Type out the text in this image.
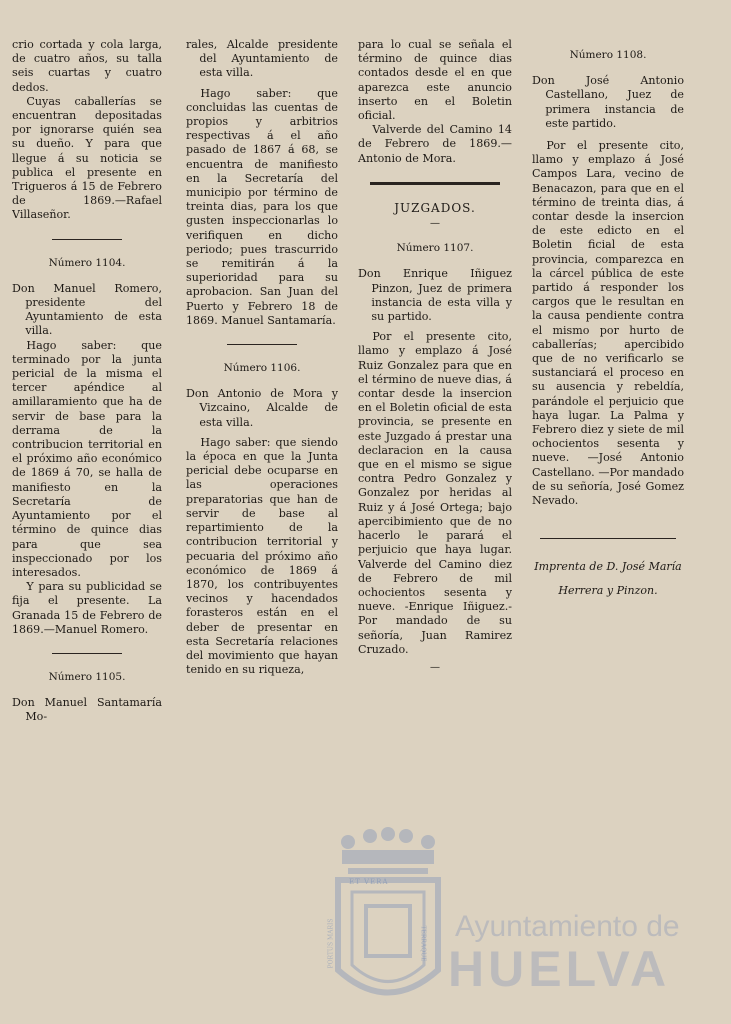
crio cortada y cola larga, de cuatro años, su talla seis cuartas y cuatro dedos.

Cuyas caballerías se encuentran depositadas por ignorarse quién sea su dueño. Y para que llegue á su noticia se publica el presente en Trigueros á 15 de Febrero de 1869.—Rafael Villaseñor.

Número 1104.

Don Manuel Romero, presidente del Ayuntamiento de esta villa.

Hago saber: que terminado por la junta pericial de la misma el tercer apéndice al amillaramiento que ha de servir de base para la derrama de la contribucion territorial en el próximo año económico de 1869 á 70, se halla de manifiesto en la Secretaría de Ayuntamiento por el término de quince dias para que sea inspeccionado por los interesados.

Y para su publicidad se fija el presente. La Granada 15 de Febrero de 1869.—Manuel Romero.

Número 1105.

Don Manuel Santamaría Mo-

rales, Alcalde presidente del Ayuntamiento de esta villa.

Hago saber: que concluidas las cuentas de propios y arbitrios respectivas á el año pasado de 1867 á 68, se encuentra de manifiesto en la Secretaría del municipio por término de treinta dias, para los que gusten inspeccionarlas lo verifiquen en dicho periodo; pues trascurrido se remitirán á la superioridad para su aprobacion. San Juan del Puerto y Febrero 18 de 1869. Manuel Santamaría.

Número 1106.

Don Antonio de Mora y Vizcaino, Alcalde de esta villa.

Hago saber: que siendo la época en que la Junta pericial debe ocuparse en las operaciones preparatorias que han de servir de base al repartimiento de la contribucion territorial y pecuaria del próximo año económico de 1869 á 1870, los contribuyentes vecinos y hacendados forasteros están en el deber de presentar en esta Secretaría relaciones del movimiento que hayan tenido en su riqueza,

para lo cual se señala el término de quince dias contados desde el en que aparezca este anuncio inserto en el Boletin oficial.

Valverde del Camino 14 de Febrero de 1869.—Antonio de Mora.

JUZGADOS.
—
Número 1107.

Don Enrique Iñiguez Pinzon, Juez de primera instancia de esta villa y su partido.

Por el presente cito, llamo y emplazo á José Ruiz Gonzalez para que en el término de nueve dias, á contar desde la insercion en el Boletin oficial de esta provincia, se presente en este Juzgado á prestar una declaracion en la causa que en el mismo se sigue contra Pedro Gonzalez y Gonzalez por heridas al Ruiz y á José Ortega; bajo apercibimiento que de no hacerlo le parará el perjuicio que haya lugar. Valverde del Camino diez de Febrero de mil ochocientos sesenta y nueve. -Enrique Iñiguez.-Por mandado de su señoría, Juan Ramirez Cruzado.

—
Número 1108.

Don José Antonio Castellano, Juez de primera instancia de este partido.

Por el presente cito, llamo y emplazo á José Campos Lara, vecino de Benacazon, para que en el término de treinta dias, á contar desde la insercion de este edicto en el Boletin ficial de esta provincia, comparezca en la cárcel pública de este partido á responder los cargos que le resultan en la causa pendiente contra el mismo por hurto de caballerías; apercibido que de no verificarlo se sustanciará el proceso en su ausencia y rebeldía, parándole el perjuicio que haya lugar. La Palma y Febrero diez y siete de mil ochocientos sesenta y nueve. —José Antonio Castellano. —Por mandado de su señoría, José Gomez Nevado.

Imprenta de D. José María
Herrera y Pinzon.
ET VERA
PORTUS MARIS	TERRAQUE Ayuntamiento de
HUELVA
